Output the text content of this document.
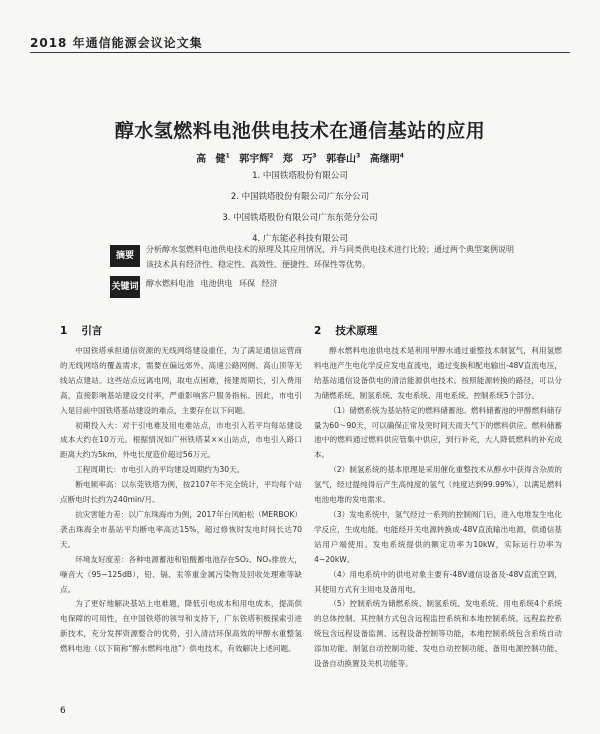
2018 年通信能源会议论文集
醇水氢燃料电池供电技术在通信基站的应用
高 健$^1$ 郭宇辉$^2$ 郑 巧$^3$ 郭春山$^3$ 高继明$^4$
1. 中国铁塔股份有限公司
2. 中国铁塔股份有限公司广东分公司
3. 中国铁塔股份有限公司广东东莞分公司
4. 广东能必科技有限公司
摘要
分析醇水氢燃料电池供电技术的原理及其应用情况，并与同类供电技术进行比较；通过两个典型案例说明该技术具有经济性、稳定性、高效性、便捷性、环保性等优势。
关键词 醇水燃料电池 电池供电 环保 经济
1 引言

中国铁塔承担通信资源的无线网络建设重任，为了满足通信运营商的无线网络的覆盖需求，需要在偏远郊外、高速公路网侧、高山顶等无线站点建站。这些站点远离电网，取电点困难，接建周期长，引入费用高，直接影响基站建设交付率，严重影响客户服务指标。因此，市电引入是目前中国铁塔基站建设的难点，主要存在以下问题。

初期投入大：对于引电难及用电难站点，市电引入若平均每站建设成本大约在10万元。根据情况如广州铁塔某××山站点，市电引入路口距离大约为5km，外电长度造价超过56万元。

工程周期长：市电引入的平均建设周期约为30天。

断电频率高：以东莞铁塔为例，按2107年不完全统计，平均每个站点断电时长约为240min/月。

抗灾害能力差：以广东珠海市为例，2017年台风帕松（MERBOK）袭击珠海全市基站平均断电率高达15%，超过修恢时发电时间长达70天。

环境友好度差：各种电源蓄池和铅酸蓄电池存在SO₂、NOₓ排放大，噪音大（95~125dB），铅、镉、汞等重金属污染物及回收处理难等缺点。

为了更好地解决基站上电难题，降低引电成本和用电成本，提高供电保障的可用性，在中国铁塔的领导和支持下，广东铁塔积极探索引进新技术，充分发挥资源整合的优势，引入清洁环保高效的甲醇水重整氢燃料电池（以下简称“醇水燃料电池”）供电技术，有效解决上述问题。

2 技术原理

醇水燃料电池供电技术是利用甲醇水通过重整技术制氢气，利用氢燃料电池产生电化学反应发电直流电，通过变换和配电输出-48V直流电压，给基站通信设备供电的清洁能源供电技术。按照能源转换的路径，可以分为储燃系统、制氢系统、发电系统、用电系统、控制系统5个部分。

（1）储燃系统为基站特定的燃料储蓄池。燃料储蓄池的甲醇燃料储存量为60～90天，可以确保正常及突时间天雨天气下的燃料供应。燃料储蓄池中的燃料通过燃料供应管集中供应，到行补充，大人降低燃料的补充成本。

（2）制氢系统的基本原理是采用催化重整技术从醇水中获得含杂质的氢气，经过提纯得后产生高纯度的氢气（纯度达到99.99%），以满足燃料电池电堆的发电需求。

（3）发电系统中，氢气经过一系列的控制阀门后，进入电堆发生电化学反应，生成电能。电能经开关电源转换成-48V直流输出电源，供通信基站用户端使用。发电系统提供的额定功率为10kW，实际运行功率为4~20kW。

（4）用电系统中的供电对象主要有-48V通信设备及-48V直流空调，其使用方式有主用电及备用电。

（5）控制系统为储燃系统、制氢系统、发电系统、用电系统4个系统的总体控制。其控制方式包含远程监控系统和本地控制系统。远程监控系统包含远程设备监测、远程设备控制等功能，本地控制系统包含系统自动添加功能、制氢自动控制功能、发电自动控制功能、备用电源控制功能、设备自动换置及关机功能等。

6
